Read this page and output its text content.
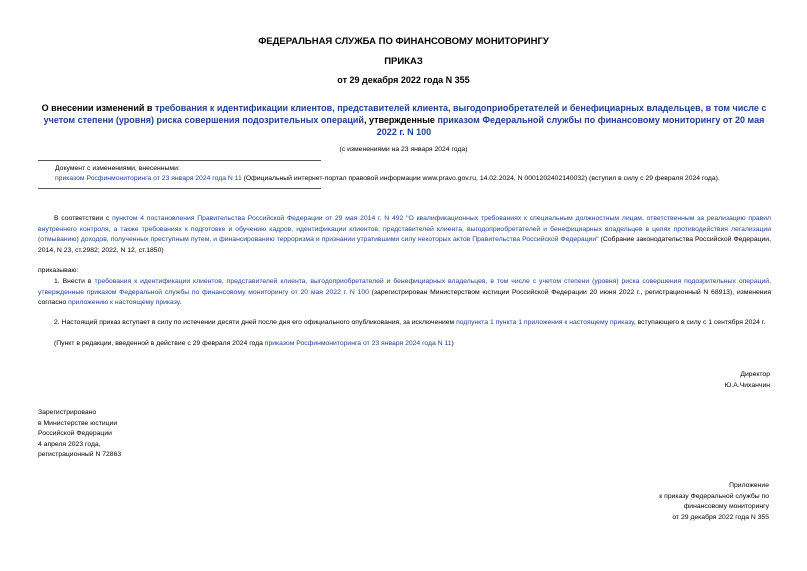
ФЕДЕРАЛЬНАЯ СЛУЖБА ПО ФИНАНСОВОМУ МОНИТОРИНГУ
ПРИКАЗ
от 29 декабря 2022 года N 355
О внесении изменений в требования к идентификации клиентов, представителей клиента, выгодоприобретателей и бенефициарных владельцев, в том числе с учетом степени (уровня) риска совершения подозрительных операций, утвержденные приказом Федеральной службы по финансовому мониторингу от 20 мая 2022 г. N 100
(с изменениями на 23 января 2024 года)
Документ с изменениями, внесенными:
приказом Росфинмониторинга от 23 января 2024 года N 11 (Официальный интернет-портал правовой информации www.pravo.gov.ru, 14.02.2024, N 0001202402140032) (вступил в силу с 29 февраля 2024 года).
В соответствии с пунктом 4 постановления Правительства Российской Федерации от 29 мая 2014 г. N 492 "О квалификационных требованиях к специальным должностным лицам, ответственным за реализацию правил внутреннего контроля, а также требованиях к подготовке и обучению кадров, идентификации клиентов, представителей клиента, выгодоприобретателей и бенефициарных владельцев в целях противодействия легализации (отмыванию) доходов, полученных преступным путем, и финансированию терроризма и признании утратившими силу некоторых актов Правительства Российской Федерации" (Собрание законодательства Российской Федерации, 2014, N 23, ст.2982; 2022, N 12, ст.1850)
приказываю:
1. Внести в требования к идентификации клиентов, представителей клиента, выгодоприобретателей и бенефициарных владельцев, в том числе с учетом степени (уровня) риска совершения подозрительных операций, утвержденные приказом Федеральной службы по финансовому мониторингу от 20 мая 2022 г. N 100 (зарегистрирован Министерством юстиции Российской Федерации 20 июня 2022 г., регистрационный N 68913), изменения согласно приложению к настоящему приказу.
2. Настоящий приказ вступает в силу по истечении десяти дней после дня его официального опубликования, за исключением подпункта 1 пункта 1 приложения к настоящему приказу, вступающего в силу с 1 сентября 2024 г.
(Пункт в редакции, введенной в действие с 29 февраля 2024 года приказом Росфинмониторинга от 23 января 2024 года N 11)
Директор
Ю.А.Чиханчин
Зарегистрировано
в Министерстве юстиции
Российской Федерации
4 апреля 2023 года,
регистрационный N 72863
Приложение
к приказу Федеральной службы по финансовому мониторингу
от 29 декабря 2022 года N 355
